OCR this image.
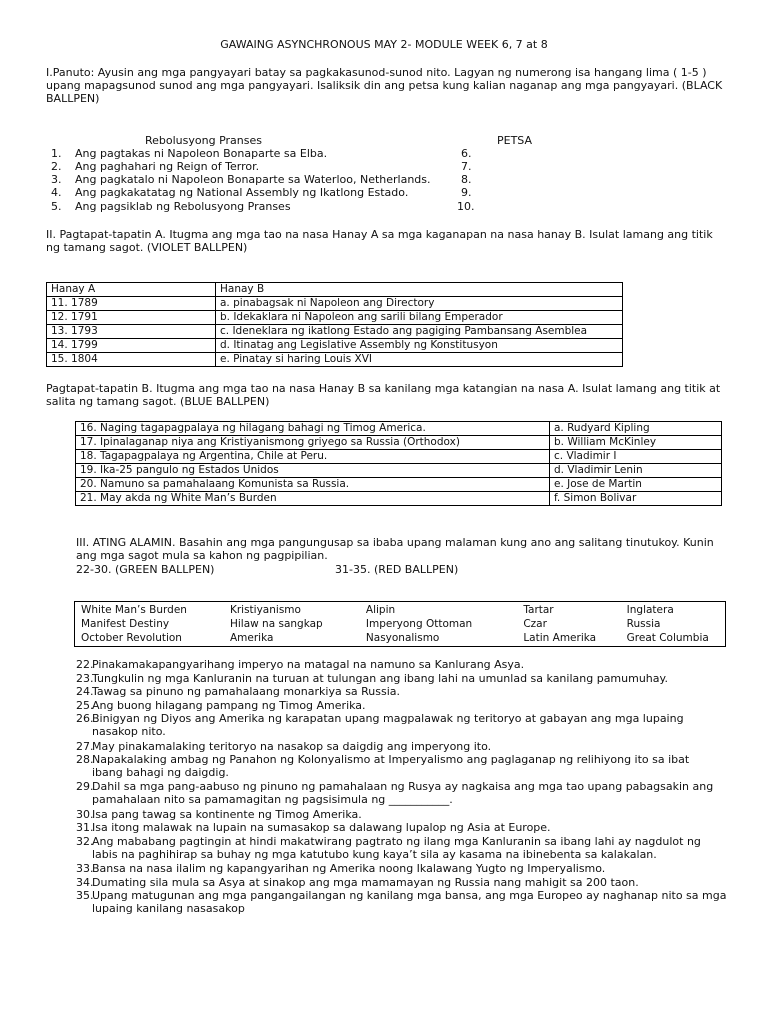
GAWAING ASYNCHRONOUS MAY 2- MODULE WEEK 6, 7 at 8
I.Panuto: Ayusin ang mga pangyayari batay sa pagkakasunod-sunod nito. Lagyan ng numerong isa hangang lima ( 1-5 ) upang mapagsunod sunod ang mga pangyayari. Isaliksik din ang petsa kung kalian naganap ang mga pangyayari. (BLACK BALLPEN)
Rebolusyong Pranses	PETSA
1. Ang pagtakas ni Napoleon Bonaparte sa Elba.	6.
2. Ang paghahari ng Reign of Terror.	7.
3. Ang pagkatalo ni Napoleon Bonaparte sa Waterloo, Netherlands.	8.
4. Ang pagkakatatag ng National Assembly ng Ikatlong Estado.	9.
5. Ang pagsiklab ng Rebolusyong Pranses	10.
II. Pagtapat-tapatin A. Itugma ang mga tao na nasa Hanay A sa mga kaganapan na nasa hanay B. Isulat lamang ang titik ng tamang sagot. (VIOLET BALLPEN)
Hanay A	Hanay B
11. 1789	a. pinabagsak ni Napoleon ang Directory
12. 1791	b. Idekaklara ni Napoleon ang sarili bilang Emperador
13. 1793	c. Ideneklara ng ikatlong Estado ang pagiging Pambansang Asemblea
14. 1799	d. Itinatag ang Legislative Assembly ng Konstitusyon
15. 1804	e. Pinatay si haring Louis XVI
Pagtapat-tapatin B. Itugma ang mga tao na nasa Hanay B sa kanilang mga katangian na nasa A. Isulat lamang ang titik at salita ng tamang sagot. (BLUE BALLPEN)
16. Naging tagapagpalaya ng hilagang bahagi ng Timog America.	a. Rudyard Kipling
17. Ipinalaganap niya ang Kristiyanismong griyego sa Russia (Orthodox)	b. William McKinley
18. Tagapagpalaya ng Argentina, Chile at Peru.	c. Vladimir I
19. Ika-25 pangulo ng Estados Unidos	d. Vladimir Lenin
20. Namuno sa pamahalaang Komunista sa Russia.	e. Jose de Martin
21. May akda ng White Man’s Burden	f. Simon Bolivar
III. ATING ALAMIN. Basahin ang mga pangungusap sa ibaba upang malaman kung ano ang salitang tinutukoy. Kunin ang mga sagot mula sa kahon ng pagpipilian.
22-30. (GREEN BALLPEN)	31-35. (RED BALLPEN)
White Man’s Burden	Kristiyanismo	Alipin	Tartar	Inglatera
Manifest Destiny	Hilaw na sangkap	Imperyong Ottoman	Czar	Russia
October Revolution	Amerika	Nasyonalismo	Latin Amerika	Great Columbia
22.Pinakamakapangyarihang imperyo na matagal na namuno sa Kanlurang Asya.
23.Tungkulin ng mga Kanluranin na turuan at tulungan ang ibang lahi na umunlad sa kanilang pamumuhay.
24.Tawag sa pinuno ng pamahalaang monarkiya sa Russia.
25.Ang buong hilagang pampang ng Timog Amerika.
26.Binigyan ng Diyos ang Amerika ng karapatan upang magpalawak ng teritoryo at gabayan ang mga lupaing
nasakop nito.
27.May pinakamalaking teritoryo na nasakop sa daigdig ang imperyong ito.
28.Napakalaking ambag ng Panahon ng Kolonyalismo at Imperyalismo ang paglaganap ng relihiyong ito sa ibat
ibang bahagi ng daigdig.
29.Dahil sa mga pang-aabuso ng pinuno ng pamahalaan ng Rusya ay nagkaisa ang mga tao upang pabagsakin ang
pamahalaan nito sa pamamagitan ng pagsisimula ng ___________.
30.Isa pang tawag sa kontinente ng Timog Amerika.
31.Isa itong malawak na lupain na sumasakop sa dalawang lupalop ng Asia at Europe.
32.Ang mababang pagtingin at hindi makatwirang pagtrato ng ilang mga Kanluranin sa ibang lahi ay nagdulot ng
labis na paghihirap sa buhay ng mga katutubo kung kaya’t sila ay kasama na ibinebenta sa kalakalan.
33.Bansa na nasa ilalim ng kapangyarihan ng Amerika noong Ikalawang Yugto ng Imperyalismo.
34.Dumating sila mula sa Asya at sinakop ang mga mamamayan ng Russia nang mahigit sa 200 taon.
35.Upang matugunan ang mga pangangailangan ng kanilang mga bansa, ang mga Europeo ay naghanap nito sa mga
lupaing kanilang nasasakop
